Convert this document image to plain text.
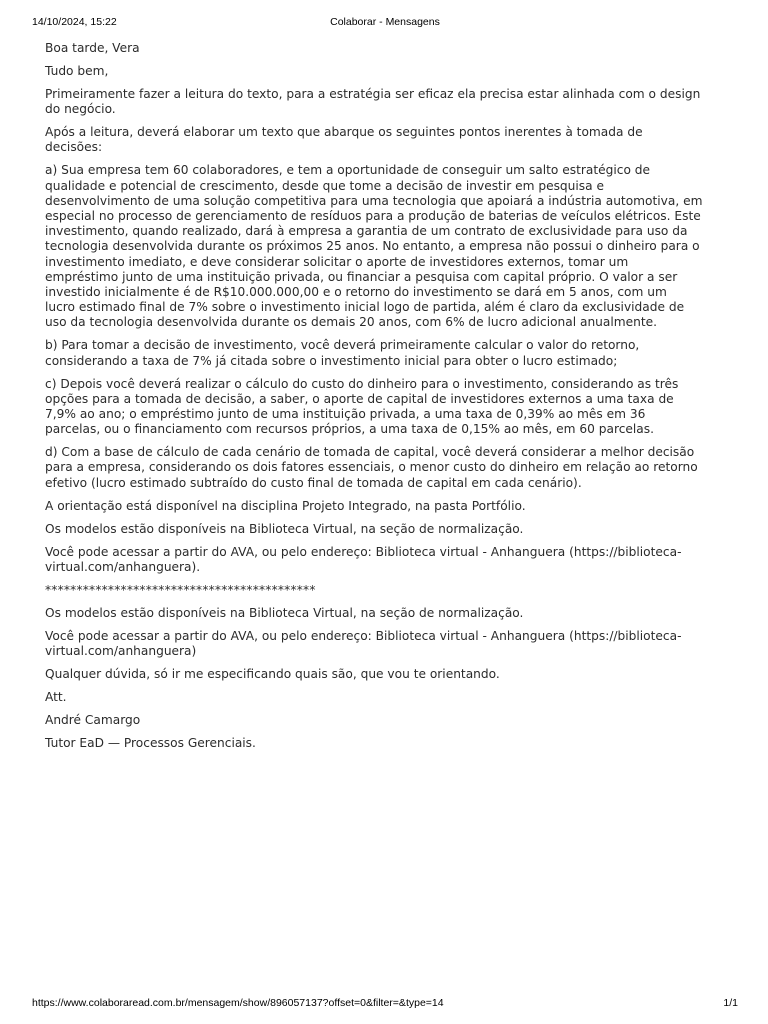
14/10/2024, 15:22	Colaborar - Mensagens

Boa tarde, Vera

Tudo bem,

Primeiramente fazer a leitura do texto, para a estratégia ser eficaz ela precisa estar alinhada com o design
do negócio.

Após a leitura, deverá elaborar um texto que abarque os seguintes pontos inerentes à tomada de
decisões:

a) Sua empresa tem 60 colaboradores, e tem a oportunidade de conseguir um salto estratégico de
qualidade e potencial de crescimento, desde que tome a decisão de investir em pesquisa e
desenvolvimento de uma solução competitiva para uma tecnologia que apoiará a indústria automotiva, em
especial no processo de gerenciamento de resíduos para a produção de baterias de veículos elétricos. Este
investimento, quando realizado, dará à empresa a garantia de um contrato de exclusividade para uso da
tecnologia desenvolvida durante os próximos 25 anos. No entanto, a empresa não possui o dinheiro para o
investimento imediato, e deve considerar solicitar o aporte de investidores externos, tomar um
empréstimo junto de uma instituição privada, ou financiar a pesquisa com capital próprio. O valor a ser
investido inicialmente é de R$10.000.000,00 e o retorno do investimento se dará em 5 anos, com um
lucro estimado final de 7% sobre o investimento inicial logo de partida, além é claro da exclusividade de
uso da tecnologia desenvolvida durante os demais 20 anos, com 6% de lucro adicional anualmente.

b) Para tomar a decisão de investimento, você deverá primeiramente calcular o valor do retorno,
considerando a taxa de 7% já citada sobre o investimento inicial para obter o lucro estimado;

c) Depois você deverá realizar o cálculo do custo do dinheiro para o investimento, considerando as três
opções para a tomada de decisão, a saber, o aporte de capital de investidores externos a uma taxa de
7,9% ao ano; o empréstimo junto de uma instituição privada, a uma taxa de 0,39% ao mês em 36
parcelas, ou o financiamento com recursos próprios, a uma taxa de 0,15% ao mês, em 60 parcelas.

d) Com a base de cálculo de cada cenário de tomada de capital, você deverá considerar a melhor decisão
para a empresa, considerando os dois fatores essenciais, o menor custo do dinheiro em relação ao retorno
efetivo (lucro estimado subtraído do custo final de tomada de capital em cada cenário).

A orientação está disponível na disciplina Projeto Integrado, na pasta Portfólio.

Os modelos estão disponíveis na Biblioteca Virtual, na seção de normalização.

Você pode acessar a partir do AVA, ou pelo endereço: Biblioteca virtual - Anhanguera (https://biblioteca-
virtual.com/anhanguera).

*******************************************

Os modelos estão disponíveis na Biblioteca Virtual, na seção de normalização.

Você pode acessar a partir do AVA, ou pelo endereço: Biblioteca virtual - Anhanguera (https://biblioteca-
virtual.com/anhanguera)

Qualquer dúvida, só ir me especificando quais são, que vou te orientando.

Att.

André Camargo

Tutor EaD — Processos Gerenciais.

https://www.colaboraread.com.br/mensagem/show/896057137?offset=0&filter=&type=14	1/1
